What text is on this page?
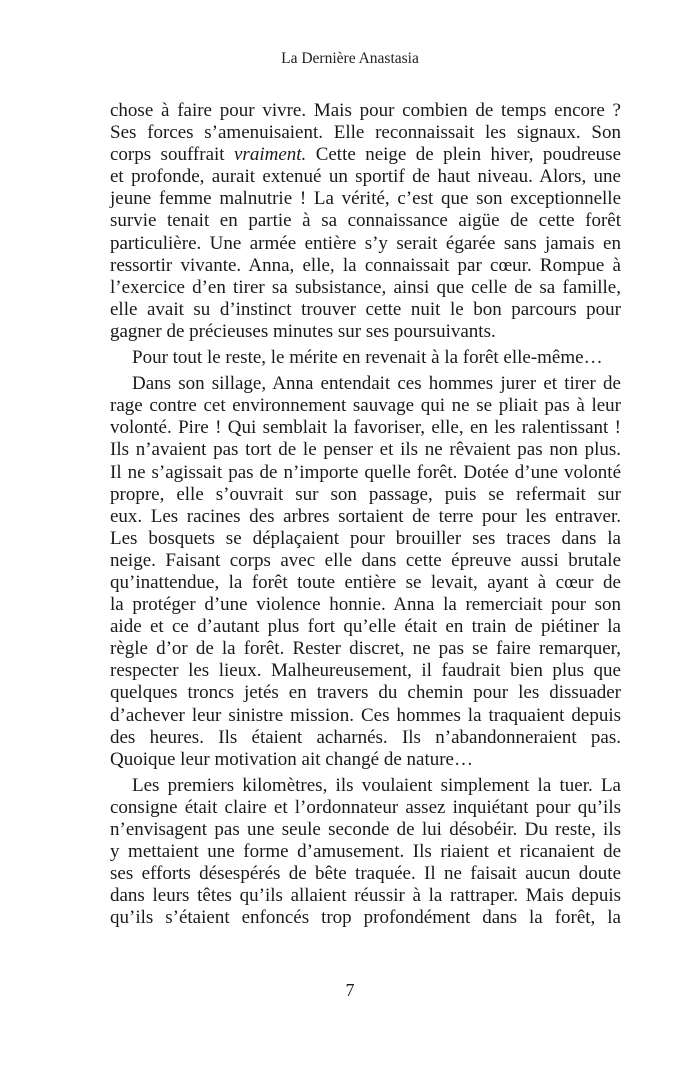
La Dernière Anastasia
chose à faire pour vivre. Mais pour combien de temps encore ?
Ses forces s’amenuisaient. Elle reconnaissait les signaux. Son
corps souffrait vraiment. Cette neige de plein hiver, poudreuse
et profonde, aurait extenué un sportif de haut niveau. Alors, une
jeune femme malnutrie ! La vérité, c’est que son exceptionnelle
survie tenait en partie à sa connaissance aigüe de cette forêt
particulière. Une armée entière s’y serait égarée sans jamais en
ressortir vivante. Anna, elle, la connaissait par cœur. Rompue à
l’exercice d’en tirer sa subsistance, ainsi que celle de sa famille,
elle avait su d’instinct trouver cette nuit le bon parcours pour
gagner de précieuses minutes sur ses poursuivants.
Pour tout le reste, le mérite en revenait à la forêt elle-même…
Dans son sillage, Anna entendait ces hommes jurer et tirer de
rage contre cet environnement sauvage qui ne se pliait pas à leur
volonté. Pire ! Qui semblait la favoriser, elle, en les ralentissant !
Ils n’avaient pas tort de le penser et ils ne rêvaient pas non plus.
Il ne s’agissait pas de n’importe quelle forêt. Dotée d’une volonté
propre, elle s’ouvrait sur son passage, puis se refermait sur
eux. Les racines des arbres sortaient de terre pour les entraver.
Les bosquets se déplaçaient pour brouiller ses traces dans la
neige. Faisant corps avec elle dans cette épreuve aussi brutale
qu’inattendue, la forêt toute entière se levait, ayant à cœur de
la protéger d’une violence honnie. Anna la remerciait pour son
aide et ce d’autant plus fort qu’elle était en train de piétiner la
règle d’or de la forêt. Rester discret, ne pas se faire remarquer,
respecter les lieux. Malheureusement, il faudrait bien plus que
quelques troncs jetés en travers du chemin pour les dissuader
d’achever leur sinistre mission. Ces hommes la traquaient depuis
des heures. Ils étaient acharnés. Ils n’abandonneraient pas.
Quoique leur motivation ait changé de nature…
Les premiers kilomètres, ils voulaient simplement la tuer. La
consigne était claire et l’ordonnateur assez inquiétant pour qu’ils
n’envisagent pas une seule seconde de lui désobéir. Du reste, ils
y mettaient une forme d’amusement. Ils riaient et ricanaient de
ses efforts désespérés de bête traquée. Il ne faisait aucun doute
dans leurs têtes qu’ils allaient réussir à la rattraper. Mais depuis
qu’ils s’étaient enfoncés trop profondément dans la forêt, la
7
